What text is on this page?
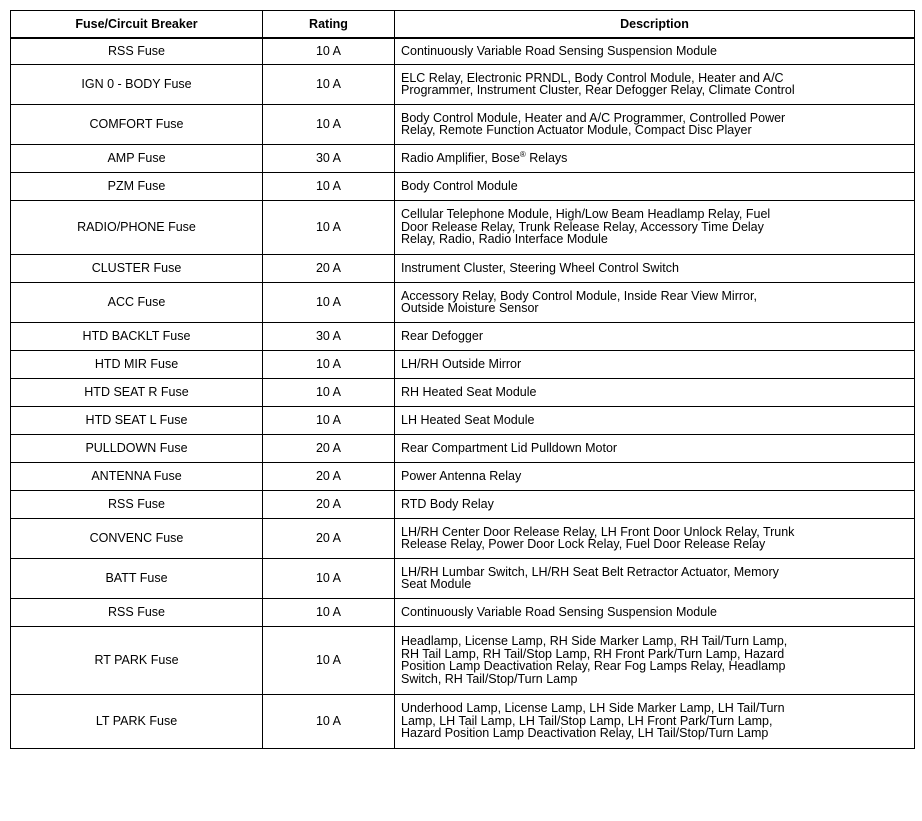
Fuse/Circuit Breaker	Rating	Description
RSS Fuse	10 A	Continuously Variable Road Sensing Suspension Module

IGN 0 - BODY Fuse	10 A	ELC Relay, Electronic PRNDL, Body Control Module, Heater and A/C
Programmer, Instrument Cluster, Rear Defogger Relay, Climate Control

COMFORT Fuse	10 A	Body Control Module, Heater and A/C Programmer, Controlled Power
Relay, Remote Function Actuator Module, Compact Disc Player

AMP Fuse	30 A	Radio Amplifier, Bose® Relays

PZM Fuse	10 A	Body Control Module

RADIO/PHONE Fuse	10 A	Cellular Telephone Module, High/Low Beam Headlamp Relay, Fuel
Door Release Relay, Trunk Release Relay, Accessory Time Delay
Relay, Radio, Radio Interface Module

CLUSTER Fuse	20 A	Instrument Cluster, Steering Wheel Control Switch

ACC Fuse	10 A	Accessory Relay, Body Control Module, Inside Rear View Mirror,
Outside Moisture Sensor

HTD BACKLT Fuse	30 A	Rear Defogger

HTD MIR Fuse	10 A	LH/RH Outside Mirror

HTD SEAT R Fuse	10 A	RH Heated Seat Module

HTD SEAT L Fuse	10 A	LH Heated Seat Module

PULLDOWN Fuse	20 A	Rear Compartment Lid Pulldown Motor

ANTENNA Fuse	20 A	Power Antenna Relay

RSS Fuse	20 A	RTD Body Relay

CONVENC Fuse	20 A	LH/RH Center Door Release Relay, LH Front Door Unlock Relay, Trunk
Release Relay, Power Door Lock Relay, Fuel Door Release Relay

BATT Fuse	10 A	LH/RH Lumbar Switch, LH/RH Seat Belt Retractor Actuator, Memory
Seat Module

RSS Fuse	10 A	Continuously Variable Road Sensing Suspension Module

RT PARK Fuse	10 A	Headlamp, License Lamp, RH Side Marker Lamp, RH Tail/Turn Lamp,
RH Tail Lamp, RH Tail/Stop Lamp, RH Front Park/Turn Lamp, Hazard
Position Lamp Deactivation Relay, Rear Fog Lamps Relay, Headlamp
Switch, RH Tail/Stop/Turn Lamp

LT PARK Fuse	10 A	Underhood Lamp, License Lamp, LH Side Marker Lamp, LH Tail/Turn
Lamp, LH Tail Lamp, LH Tail/Stop Lamp, LH Front Park/Turn Lamp,
Hazard Position Lamp Deactivation Relay, LH Tail/Stop/Turn Lamp
